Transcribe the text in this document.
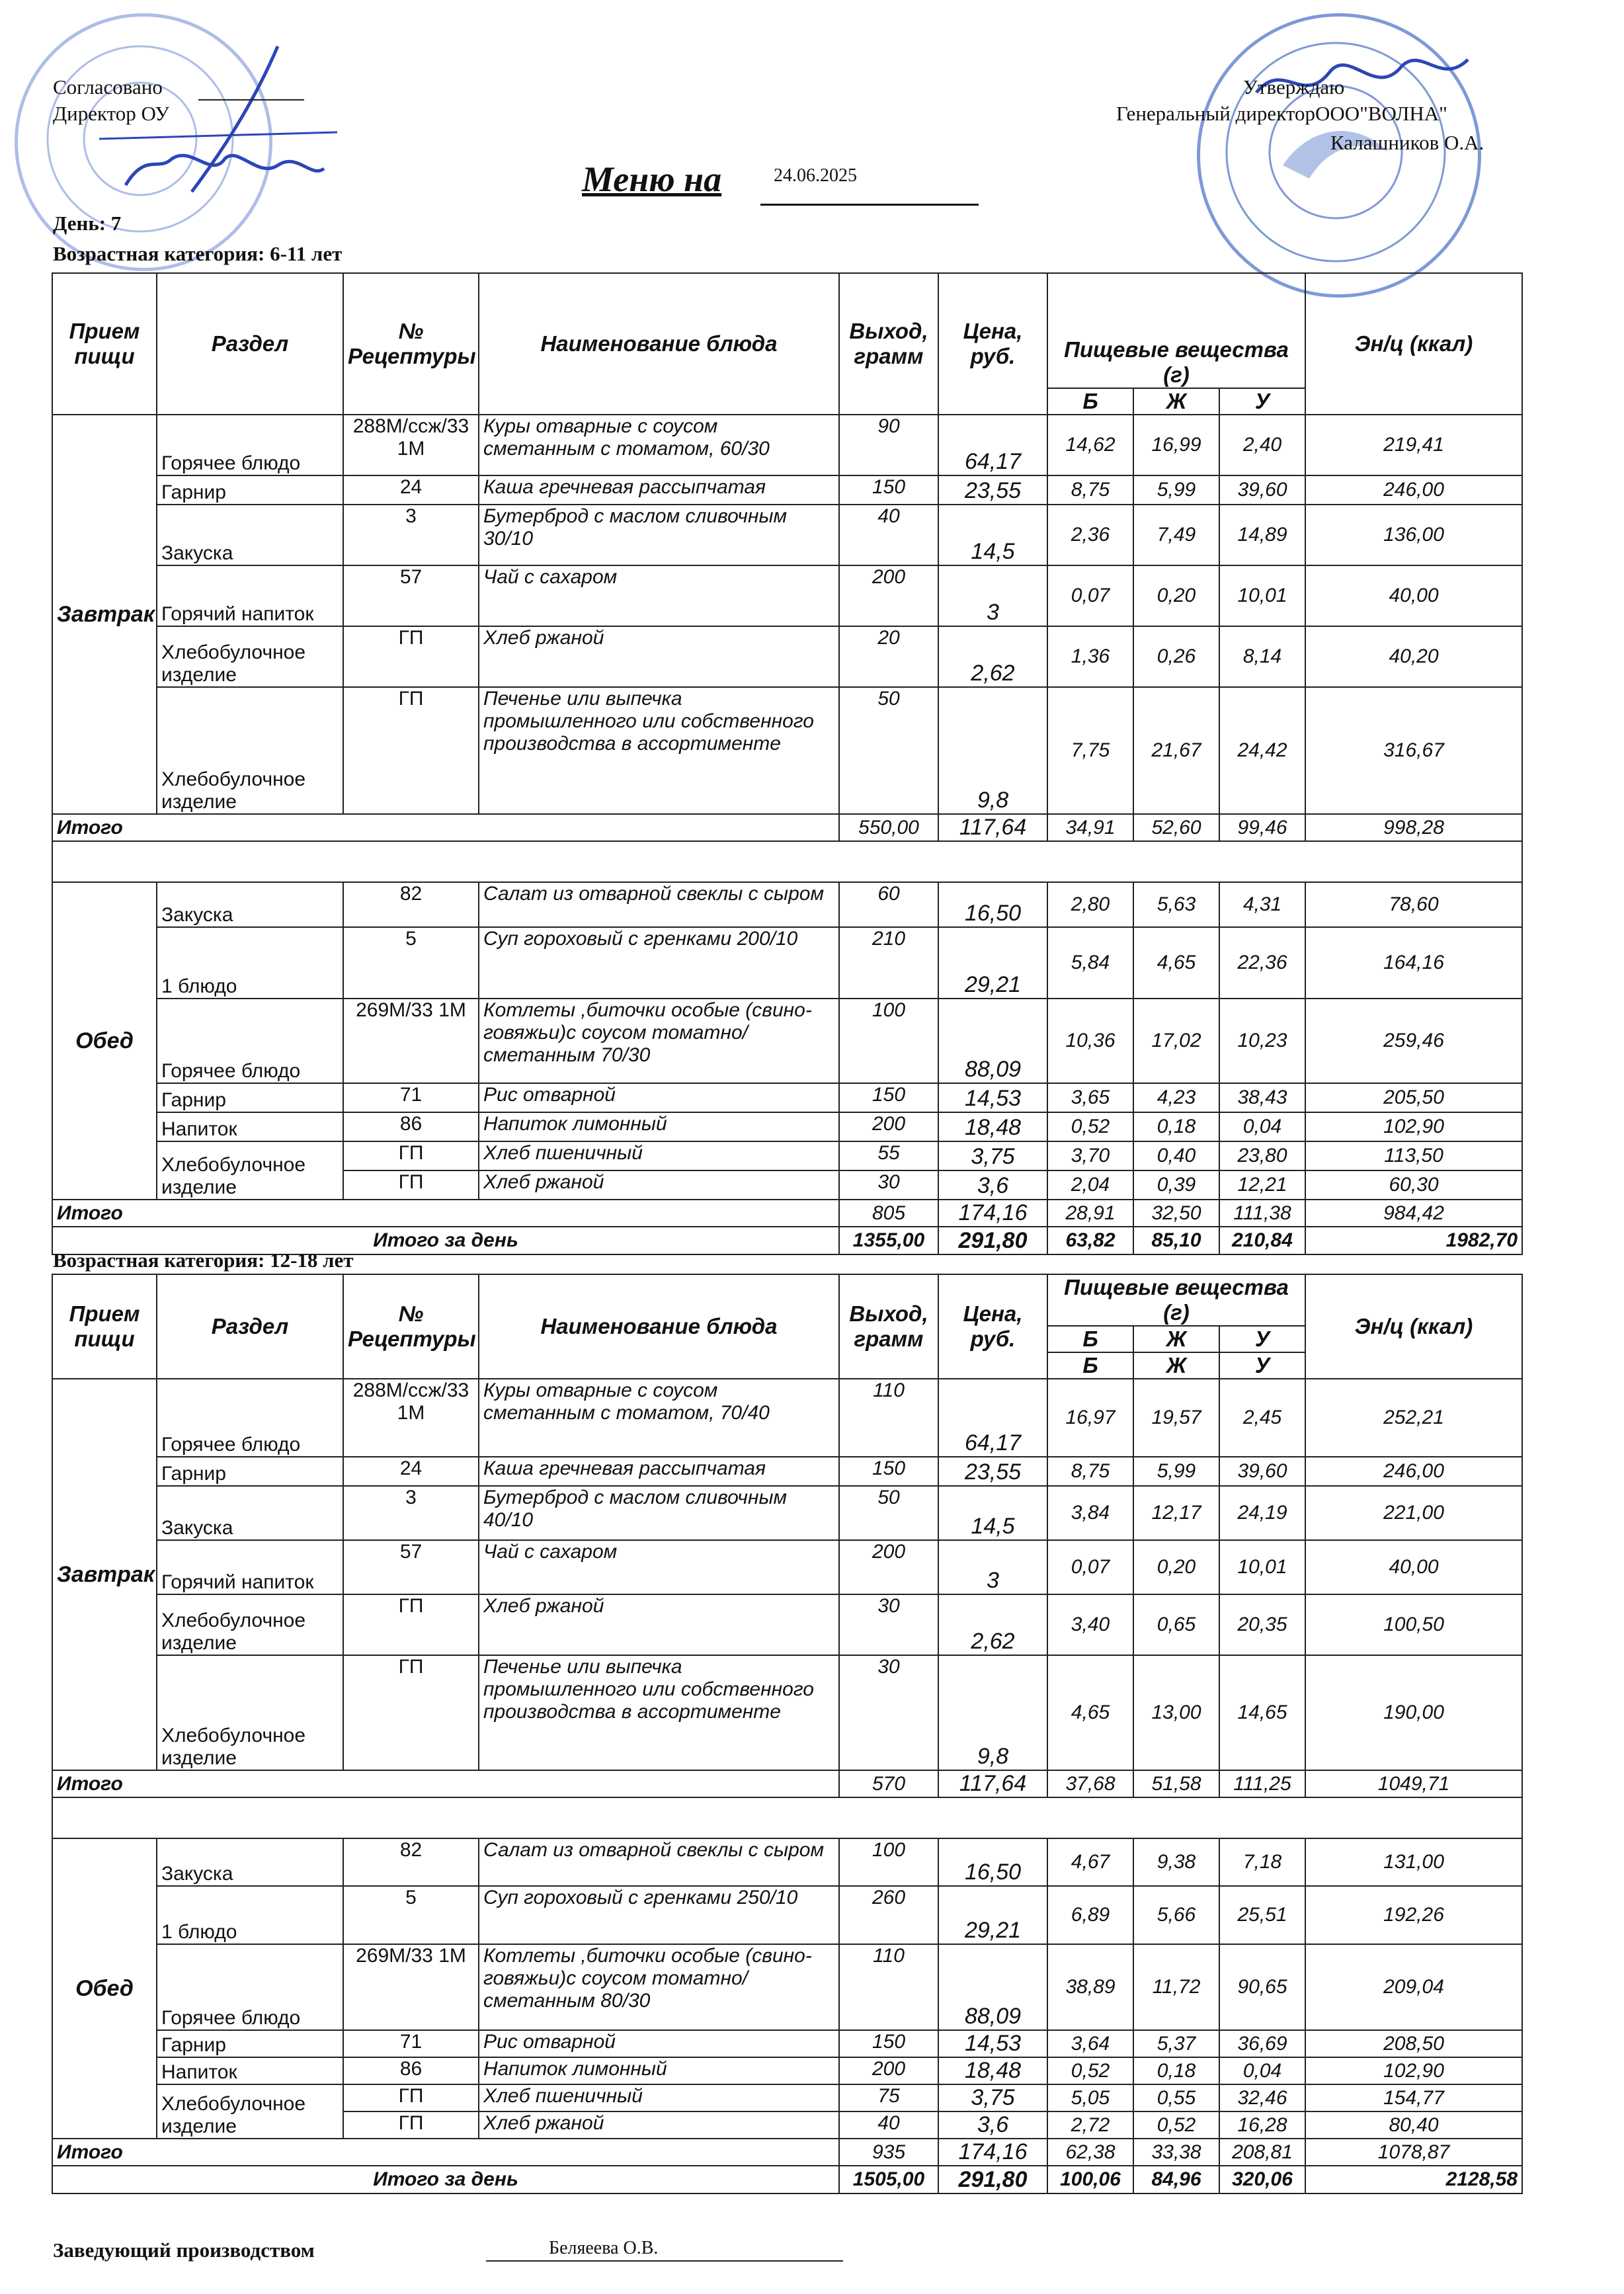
Согласовано
Директор ОУ
Утверждаю
Генеральный директорООО"ВОЛНА"
Калашников О.А.
Меню на	24.06.2025
День: 7
Возрастная категория: 6-11 лет
Прием пищи	Раздел	№ Рецептуры	Наименование блюда	Выход, грамм	Цена, руб.	Пищевые вещества (г)			Эн/ц (ккал)
						Б	Ж	У	
Завтрак	Горячее блюдо	288М/ссж/33 1М	Куры отварные с соусом сметанным с томатом, 60/30	90	64,17	14,62	16,99	2,40	219,41
	Гарнир	24	Каша гречневая рассыпчатая	150	23,55	8,75	5,99	39,60	246,00
	Закуска	3	Бутерброд с маслом сливочным 30/10	40	14,5	2,36	7,49	14,89	136,00
	Горячий напиток	57	Чай с сахаром	200	3	0,07	0,20	10,01	40,00
	Хлебобулочное изделие	ГП	Хлеб ржаной	20	2,62	1,36	0,26	8,14	40,20
	Хлебобулочное изделие	ГП	Печенье или выпечка промышленного или собственного производства в ассортименте	50	9,8	7,75	21,67	24,42	316,67
Итого				550,00	117,64	34,91	52,60	99,46	998,28

Обед	Закуска	82	Салат из отварной свеклы с сыром	60	16,50	2,80	5,63	4,31	78,60
	1 блюдо	5	Суп гороховый с гренками 200/10	210	29,21	5,84	4,65	22,36	164,16
	Горячее блюдо	269М/33 1М	Котлеты ,биточки особые (свино-говяжьи)с соусом томатно/сметанным 70/30	100	88,09	10,36	17,02	10,23	259,46
	Гарнир	71	Рис отварной	150	14,53	3,65	4,23	38,43	205,50
	Напиток	86	Напиток лимонный	200	18,48	0,52	0,18	0,04	102,90
	Хлебобулочное изделие	ГП	Хлеб пшеничный	55	3,75	3,70	0,40	23,80	113,50
		ГП	Хлеб ржаной	30	3,6	2,04	0,39	12,21	60,30
Итого				805	174,16	28,91	32,50	111,38	984,42
Итого за день				1355,00	291,80	63,82	85,10	210,84	1982,70
Возрастная категория: 12-18 лет
Прием пищи	Раздел	№ Рецептуры	Наименование блюда	Выход, грамм	Цена, руб.	Пищевые вещества (г)			Эн/ц (ккал)
						Б	Ж	У	
						Б	Ж	У	
Завтрак	Горячее блюдо	288М/ссж/33 1М	Куры отварные с соусом сметанным с томатом, 70/40	110	64,17	16,97	19,57	2,45	252,21
	Гарнир	24	Каша гречневая рассыпчатая	150	23,55	8,75	5,99	39,60	246,00
	Закуска	3	Бутерброд с маслом сливочным 40/10	50	14,5	3,84	12,17	24,19	221,00
	Горячий напиток	57	Чай с сахаром	200	3	0,07	0,20	10,01	40,00
	Хлебобулочное изделие	ГП	Хлеб ржаной	30	2,62	3,40	0,65	20,35	100,50
	Хлебобулочное изделие	ГП	Печенье или выпечка промышленного или собственного производства в ассортименте	30	9,8	4,65	13,00	14,65	190,00
Итого				570	117,64	37,68	51,58	111,25	1049,71

Обед	Закуска	82	Салат из отварной свеклы с сыром	100	16,50	4,67	9,38	7,18	131,00
	1 блюдо	5	Суп гороховый с гренками 250/10	260	29,21	6,89	5,66	25,51	192,26
	Горячее блюдо	269М/33 1М	Котлеты ,биточки особые (свино-говяжьи)с соусом томатно/сметанным 80/30	110	88,09	38,89	11,72	90,65	209,04
	Гарнир	71	Рис отварной	150	14,53	3,64	5,37	36,69	208,50
	Напиток	86	Напиток лимонный	200	18,48	0,52	0,18	0,04	102,90
	Хлебобулочное изделие	ГП	Хлеб пшеничный	75	3,75	5,05	0,55	32,46	154,77
		ГП	Хлеб ржаной	40	3,6	2,72	0,52	16,28	80,40
Итого				935	174,16	62,38	33,38	208,81	1078,87
Итого за день				1505,00	291,80	100,06	84,96	320,06	2128,58
Заведующий производством	Беляеева О.В.
